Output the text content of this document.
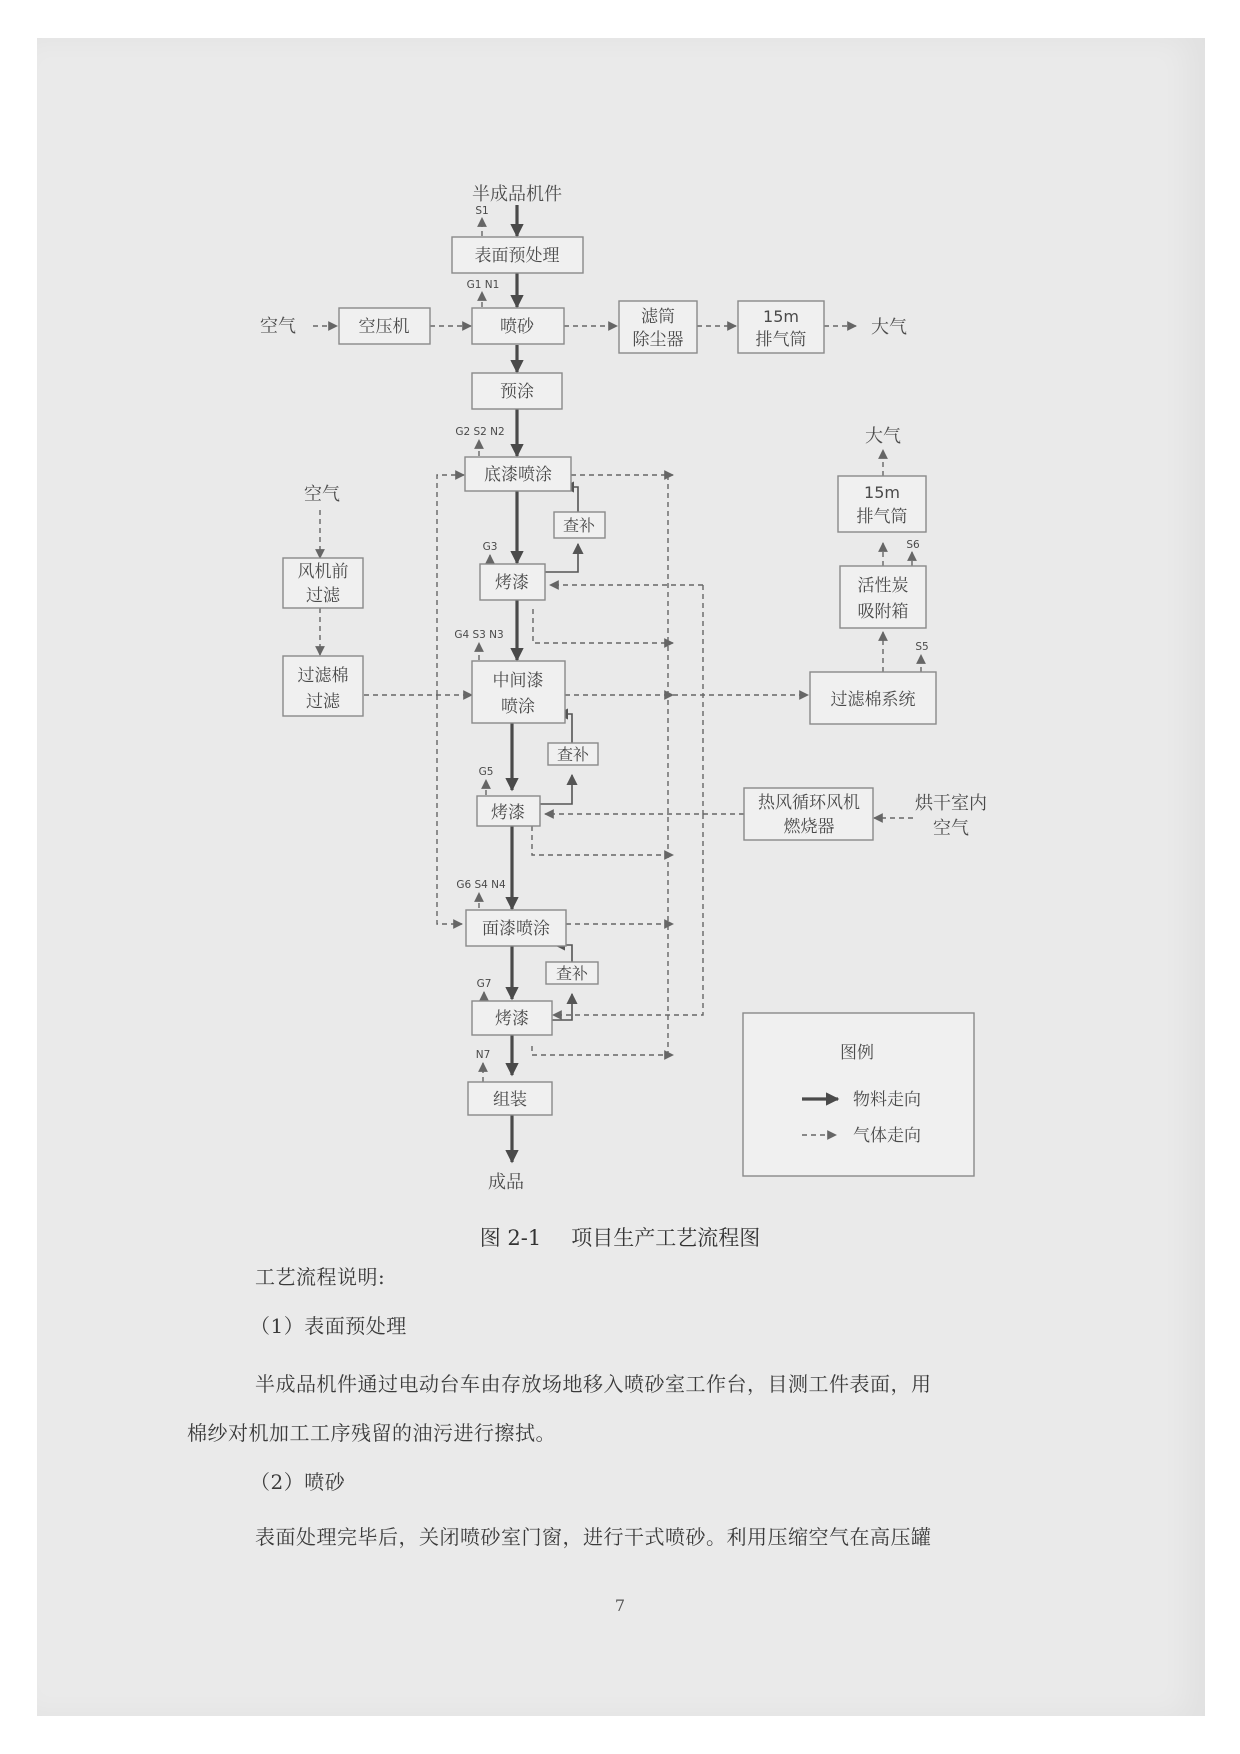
半成品机件
S1
表面预处理
G1 N1
空气	空压机	喷砂	滤筒
除尘器
15m
排气筒
大气
预涂
G2 S2 N2
底漆喷涂
查补
G3
烤漆
G4 S3 N3
中间漆
喷涂
查补
G5
烤漆
G6 S4 N4
面漆喷涂
查补
G7
烤漆
N7
组装
成品
空气
风机前
过滤
过滤棉
过滤
大气
15m
排气筒
S6
活性炭
吸附箱
S5
过滤棉系统
热风循环风机
燃烧器
烘干室内
空气
图例
物料走向
气体走向
图 2-1 项目生产工艺流程图
工艺流程说明:
（1）表面预处理
半成品机件通过电动台车由存放场地移入喷砂室工作台，目测工件表面，用
棉纱对机加工工序残留的油污进行擦拭。
（2）喷砂
表面处理完毕后，关闭喷砂室门窗，进行干式喷砂。利用压缩空气在高压罐
7
